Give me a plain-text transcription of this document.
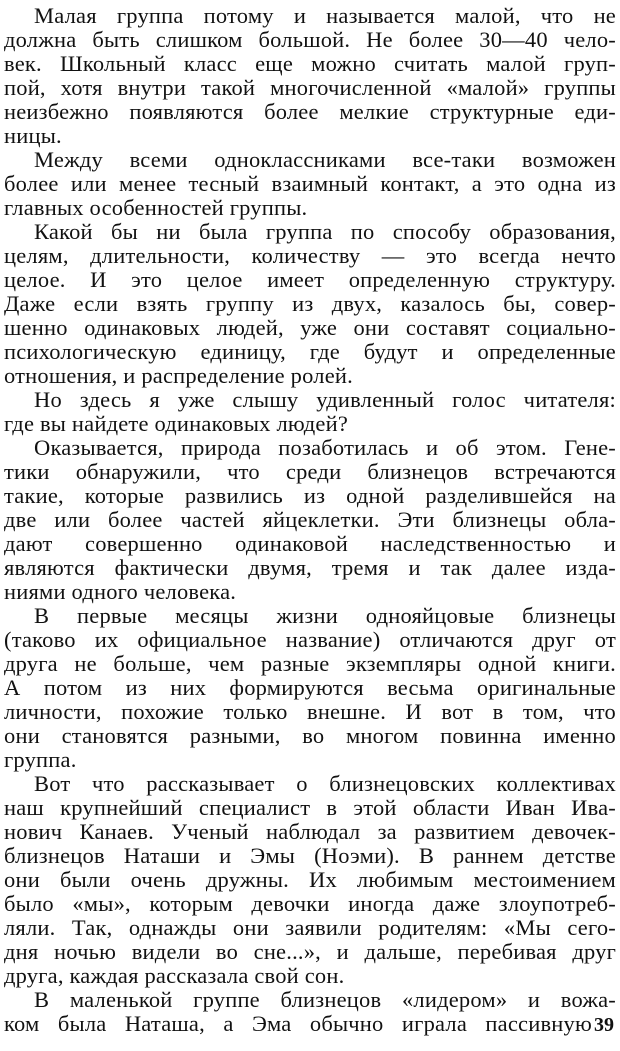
Малая группа потому и называется малой, что не
должна быть слишком большой. Не более 30—40 чело-
век. Школьный класс еще можно считать малой груп-
пой, хотя внутри такой многочисленной «малой» группы
неизбежно появляются более мелкие структурные еди-
ницы.
Между всеми одноклассниками все-таки возможен
более или менее тесный взаимный контакт, а это одна из
главных особенностей группы.
Какой бы ни была группа по способу образования,
целям, длительности, количеству — это всегда нечто
целое. И это целое имеет определенную структуру.
Даже если взять группу из двух, казалось бы, совер-
шенно одинаковых людей, уже они составят социально-
психологическую единицу, где будут и определенные
отношения, и распределение ролей.
Но здесь я уже слышу удивленный голос читателя:
где вы найдете одинаковых людей?
Оказывается, природа позаботилась и об этом. Гене-
тики обнаружили, что среди близнецов встречаются
такие, которые развились из одной разделившейся на
две или более частей яйцеклетки. Эти близнецы обла-
дают совершенно одинаковой наследственностью и
являются фактически двумя, тремя и так далее изда-
ниями одного человека.
В первые месяцы жизни однояйцовые близнецы
(таково их официальное название) отличаются друг от
друга не больше, чем разные экземпляры одной книги.
А потом из них формируются весьма оригинальные
личности, похожие только внешне. И вот в том, что
они становятся разными, во многом повинна именно
группа.
Вот что рассказывает о близнецовских коллективах
наш крупнейший специалист в этой области Иван Ива-
нович Канаев. Ученый наблюдал за развитием девочек-
близнецов Наташи и Эмы (Ноэми). В раннем детстве
они были очень дружны. Их любимым местоимением
было «мы», которым девочки иногда даже злоупотреб-
ляли. Так, однажды они заявили родителям: «Мы сего-
дня ночью видели во сне...», и дальше, перебивая друг
друга, каждая рассказала свой сон.
В маленькой группе близнецов «лидером» и вожа-
ком была Наташа, а Эма обычно играла пассивную 39
